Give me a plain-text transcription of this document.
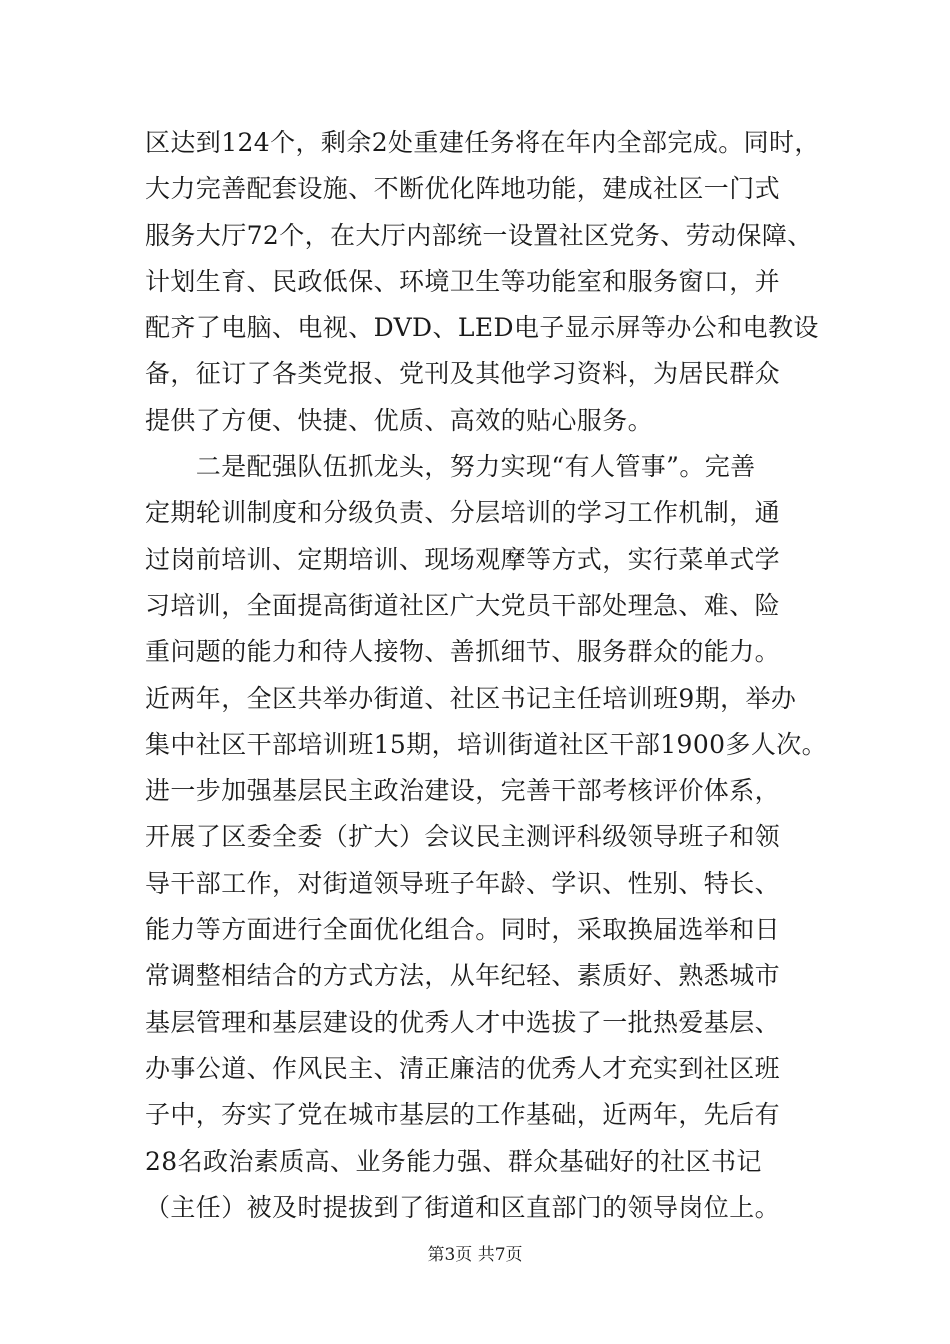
区达到124个，剩余2处重建任务将在年内全部完成。同时，
大力完善配套设施、不断优化阵地功能，建成社区一门式
服务大厅72个，在大厅内部统一设置社区党务、劳动保障、
计划生育、民政低保、环境卫生等功能室和服务窗口，并
配齐了电脑、电视、DVD、LED电子显示屏等办公和电教设
备，征订了各类党报、党刊及其他学习资料，为居民群众
提供了方便、快捷、优质、高效的贴心服务。
　　二是配强队伍抓龙头，努力实现“有人管事”。完善
定期轮训制度和分级负责、分层培训的学习工作机制，通
过岗前培训、定期培训、现场观摩等方式，实行菜单式学
习培训，全面提高街道社区广大党员干部处理急、难、险
重问题的能力和待人接物、善抓细节、服务群众的能力。
近两年，全区共举办街道、社区书记主任培训班9期，举办
集中社区干部培训班15期，培训街道社区干部1900多人次。
进一步加强基层民主政治建设，完善干部考核评价体系，
开展了区委全委（扩大）会议民主测评科级领导班子和领
导干部工作，对街道领导班子年龄、学识、性别、特长、
能力等方面进行全面优化组合。同时，采取换届选举和日
常调整相结合的方式方法，从年纪轻、素质好、熟悉城市
基层管理和基层建设的优秀人才中选拔了一批热爱基层、
办事公道、作风民主、清正廉洁的优秀人才充实到社区班
子中，夯实了党在城市基层的工作基础，近两年，先后有
28名政治素质高、业务能力强、群众基础好的社区书记
（主任）被及时提拔到了街道和区直部门的领导岗位上。
第3页 共7页
